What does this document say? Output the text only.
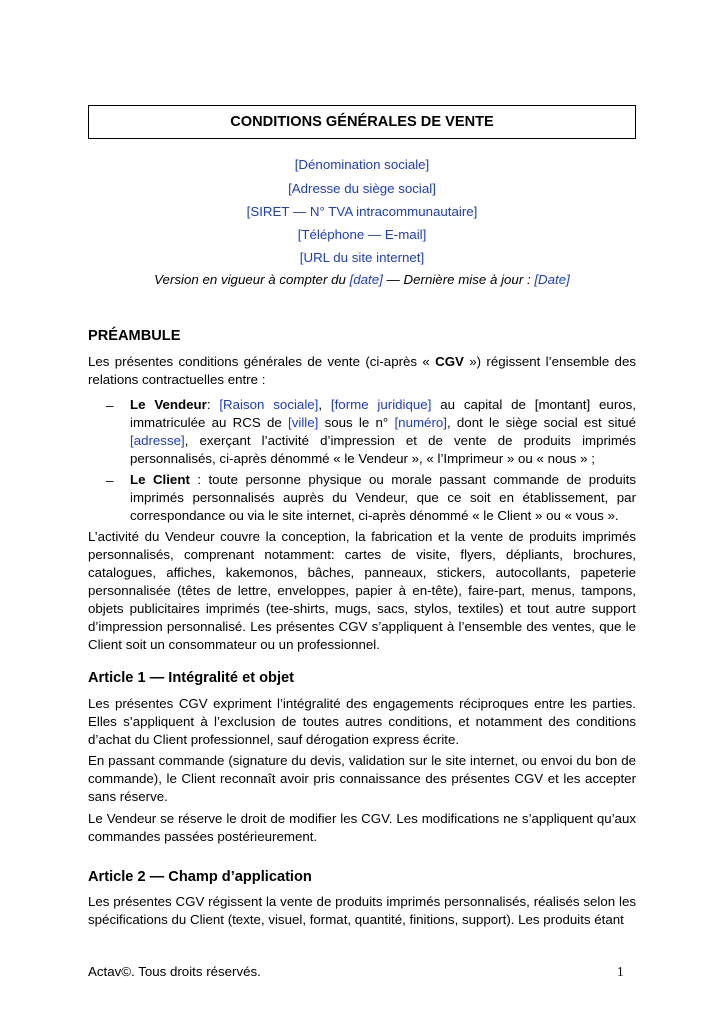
CONDITIONS GÉNÉRALES DE VENTE
[Dénomination sociale]
[Adresse du siège social]
[SIRET — N° TVA intracommunautaire]
[Téléphone — E-mail]
[URL du site internet]
Version en vigueur à compter du [date] — Dernière mise à jour : [Date]
PRÉAMBULE
Les présentes conditions générales de vente (ci-après « CGV ») régissent l’ensemble des relations contractuelles entre :
– Le Vendeur: [Raison sociale], [forme juridique] au capital de [montant] euros, immatriculée au RCS de [ville] sous le n° [numéro], dont le siège social est situé [adresse], exerçant l’activité d’impression et de vente de produits imprimés personnalisés, ci-après dénommé « le Vendeur », « l’Imprimeur » ou « nous » ;
– Le Client : toute personne physique ou morale passant commande de produits imprimés personnalisés auprès du Vendeur, que ce soit en établissement, par correspondance ou via le site internet, ci-après dénommé « le Client » ou « vous ».
L’activité du Vendeur couvre la conception, la fabrication et la vente de produits imprimés personnalisés, comprenant notamment: cartes de visite, flyers, dépliants, brochures, catalogues, affiches, kakemonos, bâches, panneaux, stickers, autocollants, papeterie personnalisée (têtes de lettre, enveloppes, papier à en-tête), faire-part, menus, tampons, objets publicitaires imprimés (tee-shirts, mugs, sacs, stylos, textiles) et tout autre support d’impression personnalisé. Les présentes CGV s’appliquent à l’ensemble des ventes, que le Client soit un consommateur ou un professionnel.
Article 1 — Intégralité et objet
Les présentes CGV expriment l’intégralité des engagements réciproques entre les parties. Elles s’appliquent à l’exclusion de toutes autres conditions, et notamment des conditions d’achat du Client professionnel, sauf dérogation express écrite.
En passant commande (signature du devis, validation sur le site internet, ou envoi du bon de commande), le Client reconnaît avoir pris connaissance des présentes CGV et les accepter sans réserve.
Le Vendeur se réserve le droit de modifier les CGV. Les modifications ne s’appliquent qu’aux commandes passées postérieurement.
Article 2 — Champ d’application
Les présentes CGV régissent la vente de produits imprimés personnalisés, réalisés selon les spécifications du Client (texte, visuel, format, quantité, finitions, support). Les produits étant
Actav©. Tous droits réservés.	1
